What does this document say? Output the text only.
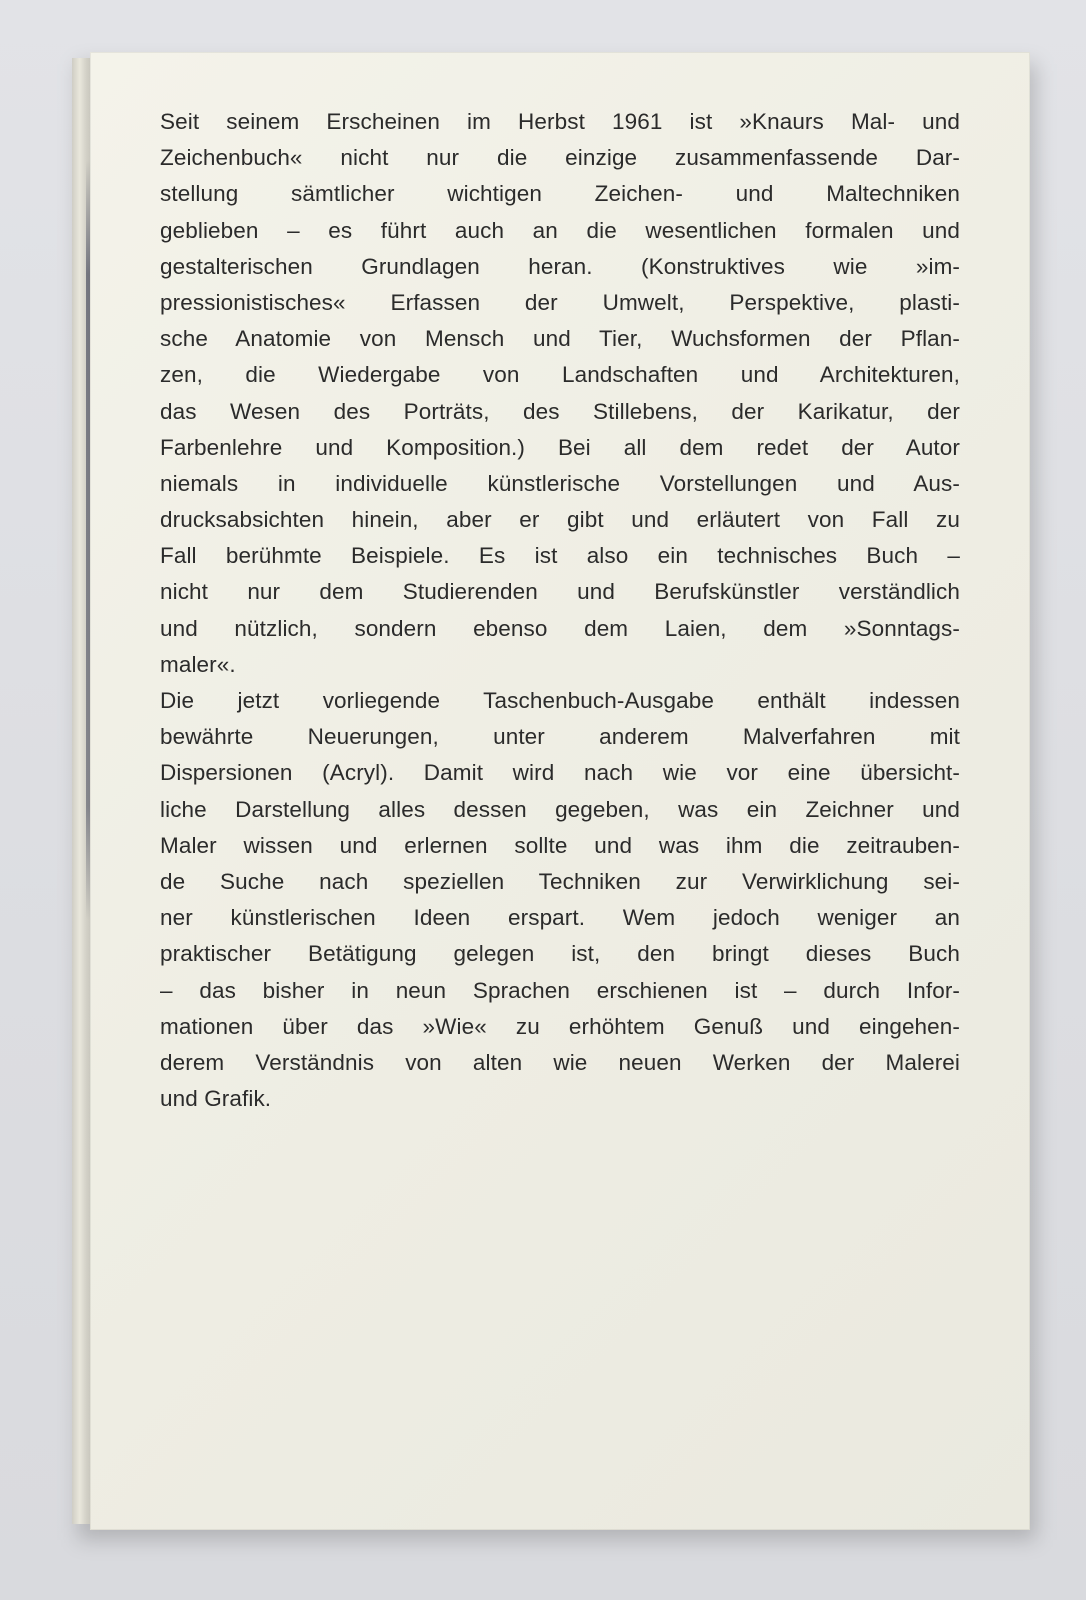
Seit seinem Erscheinen im Herbst 1961 ist »Knaurs Mal- und
Zeichenbuch« nicht nur die einzige zusammenfassende Dar-
stellung sämtlicher wichtigen Zeichen- und Maltechniken
geblieben – es führt auch an die wesentlichen formalen und
gestalterischen Grundlagen heran. (Konstruktives wie »im-
pressionistisches« Erfassen der Umwelt, Perspektive, plasti-
sche Anatomie von Mensch und Tier, Wuchsformen der Pflan-
zen, die Wiedergabe von Landschaften und Architekturen,
das Wesen des Porträts, des Stillebens, der Karikatur, der
Farbenlehre und Komposition.) Bei all dem redet der Autor
niemals in individuelle künstlerische Vorstellungen und Aus-
drucksabsichten hinein, aber er gibt und erläutert von Fall zu
Fall berühmte Beispiele. Es ist also ein technisches Buch –
nicht nur dem Studierenden und Berufskünstler verständlich
und nützlich, sondern ebenso dem Laien, dem »Sonntags-
maler«.
Die jetzt vorliegende Taschenbuch-Ausgabe enthält indessen
bewährte Neuerungen, unter anderem Malverfahren mit
Dispersionen (Acryl). Damit wird nach wie vor eine übersicht-
liche Darstellung alles dessen gegeben, was ein Zeichner und
Maler wissen und erlernen sollte und was ihm die zeitrauben-
de Suche nach speziellen Techniken zur Verwirklichung sei-
ner künstlerischen Ideen erspart. Wem jedoch weniger an
praktischer Betätigung gelegen ist, den bringt dieses Buch
– das bisher in neun Sprachen erschienen ist – durch Infor-
mationen über das »Wie« zu erhöhtem Genuß und eingehen-
derem Verständnis von alten wie neuen Werken der Malerei
und Grafik.
